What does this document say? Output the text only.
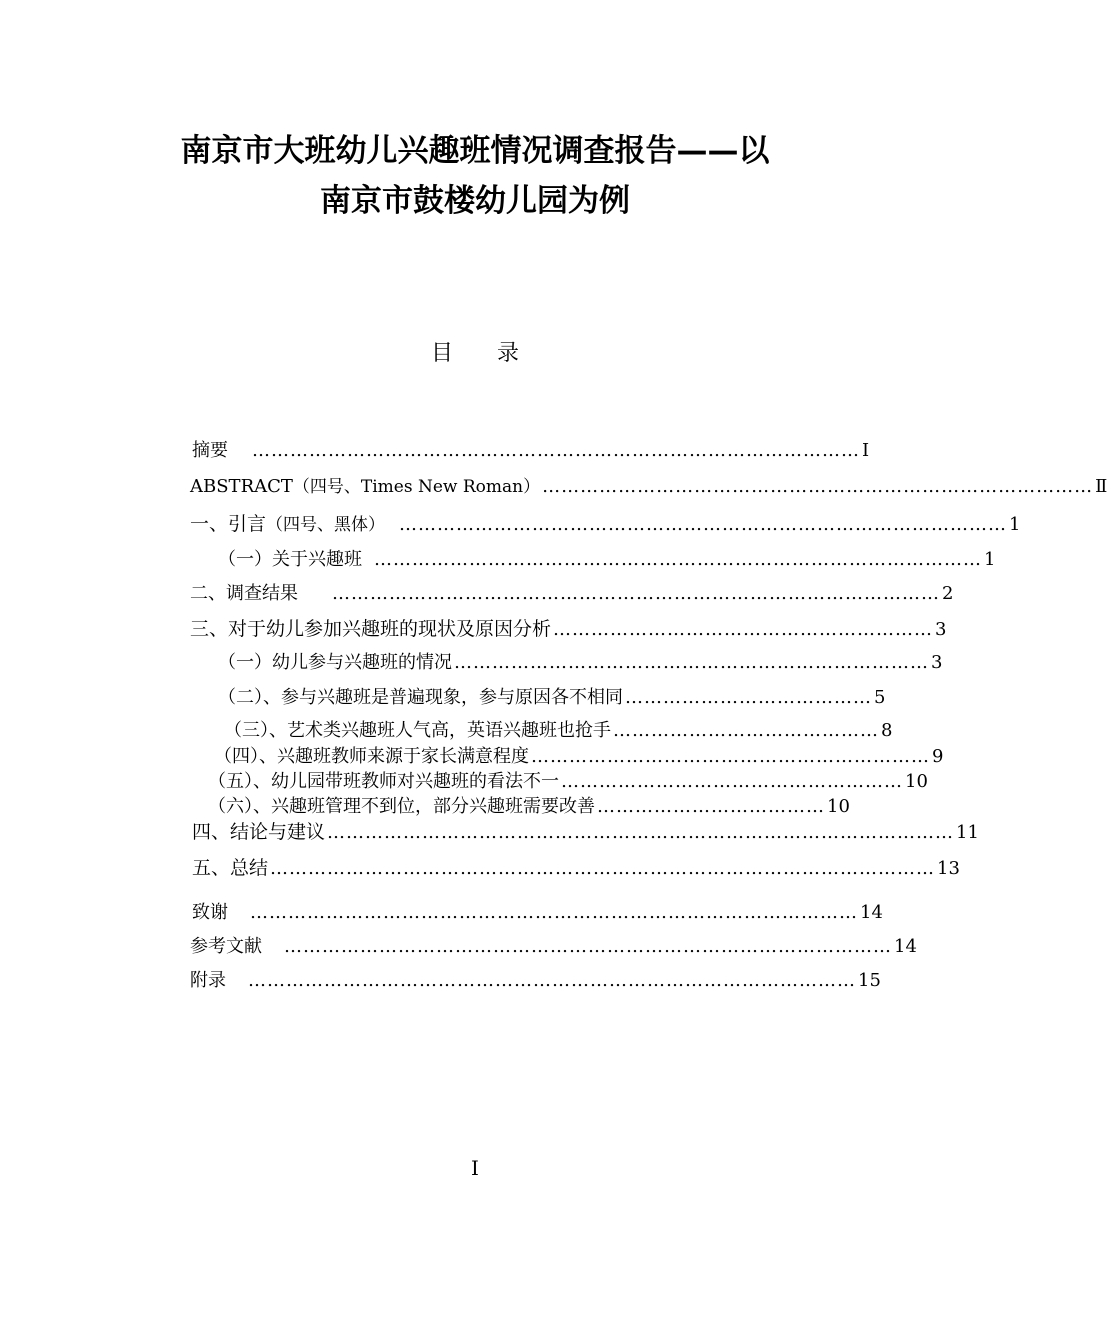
南京市大班幼儿兴趣班情况调查报告——以
南京市鼓楼幼儿园为例
目录
摘要 …………………………………………………………………………………… Ⅰ
ABSTRACT （四号、Times New Roman） …………………………………………………………………………… Ⅱ
一、引言 （四号、黑体） …………………………………………………………………………………… 1
（一）关于兴趣班 …………………………………………………………………………………… 1
二、调查结果 …………………………………………………………………………………… 2
三、对于幼儿参加兴趣班的现状及原因分析 …………………………………………………… 3
（一）幼儿参与兴趣班的情况 ………………………………………………………………… 3
（二）、参与兴趣班是普遍现象，参与原因各不相同 ………………………………… 5
（三）、艺术类兴趣班人气高，英语兴趣班也抢手 …………………………………… 8
（四）、兴趣班教师来源于家长满意程度 ……………………………………………………… 9
（五）、幼儿园带班教师对兴趣班的看法不一 ……………………………………………… 10
（六）、兴趣班管理不到位，部分兴趣班需要改善 ……………………………… 10
四、结论与建议 ……………………………………………………………………………………… 11
五、总结 …………………………………………………………………………………………… 13
致谢 …………………………………………………………………………………… 14
参考文献 …………………………………………………………………………………… 14
附录 …………………………………………………………………………………… 15
Ⅰ
